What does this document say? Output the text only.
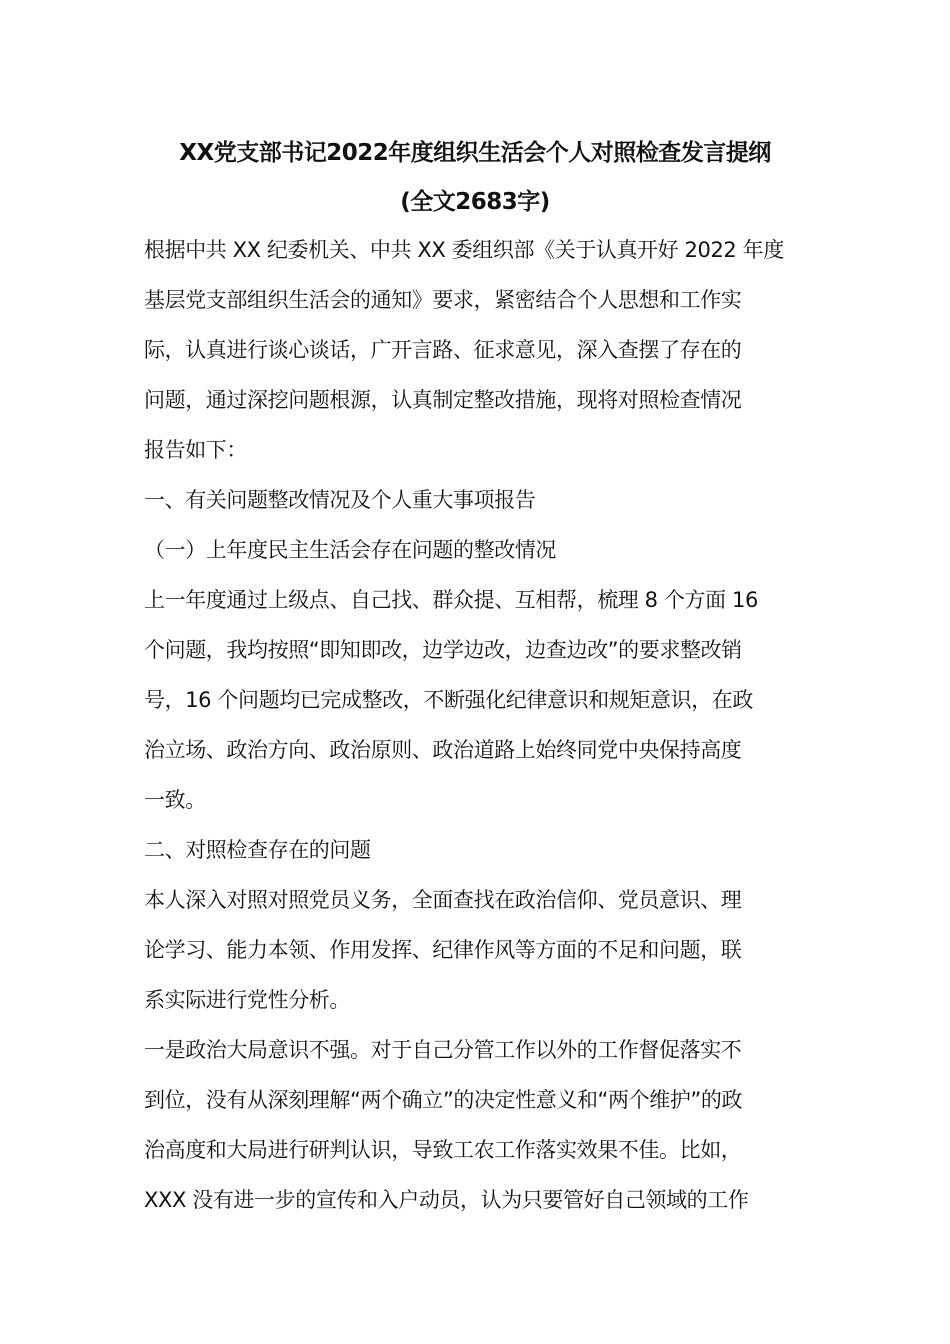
XX党支部书记2022年度组织生活会个人对照检查发言提纲
(全文2683字)
根据中共 XX 纪委机关、中共 XX 委组织部《关于认真开好 2022 年度
基层党支部组织生活会的通知》要求，紧密结合个人思想和工作实
际，认真进行谈心谈话，广开言路、征求意见，深入查摆了存在的
问题，通过深挖问题根源，认真制定整改措施，现将对照检查情况
报告如下：
一、有关问题整改情况及个人重大事项报告
（一）上年度民主生活会存在问题的整改情况
上一年度通过上级点、自己找、群众提、互相帮，梳理 8 个方面 16
个问题，我均按照“即知即改，边学边改，边查边改”的要求整改销
号，16 个问题均已完成整改，不断强化纪律意识和规矩意识，在政
治立场、政治方向、政治原则、政治道路上始终同党中央保持高度
一致。
二、对照检查存在的问题
本人深入对照对照党员义务，全面查找在政治信仰、党员意识、理
论学习、能力本领、作用发挥、纪律作风等方面的不足和问题，联
系实际进行党性分析。
一是政治大局意识不强。对于自己分管工作以外的工作督促落实不
到位，没有从深刻理解“两个确立”的决定性意义和“两个维护”的政
治高度和大局进行研判认识，导致工农工作落实效果不佳。比如，
XXX 没有进一步的宣传和入户动员，认为只要管好自己领域的工作
